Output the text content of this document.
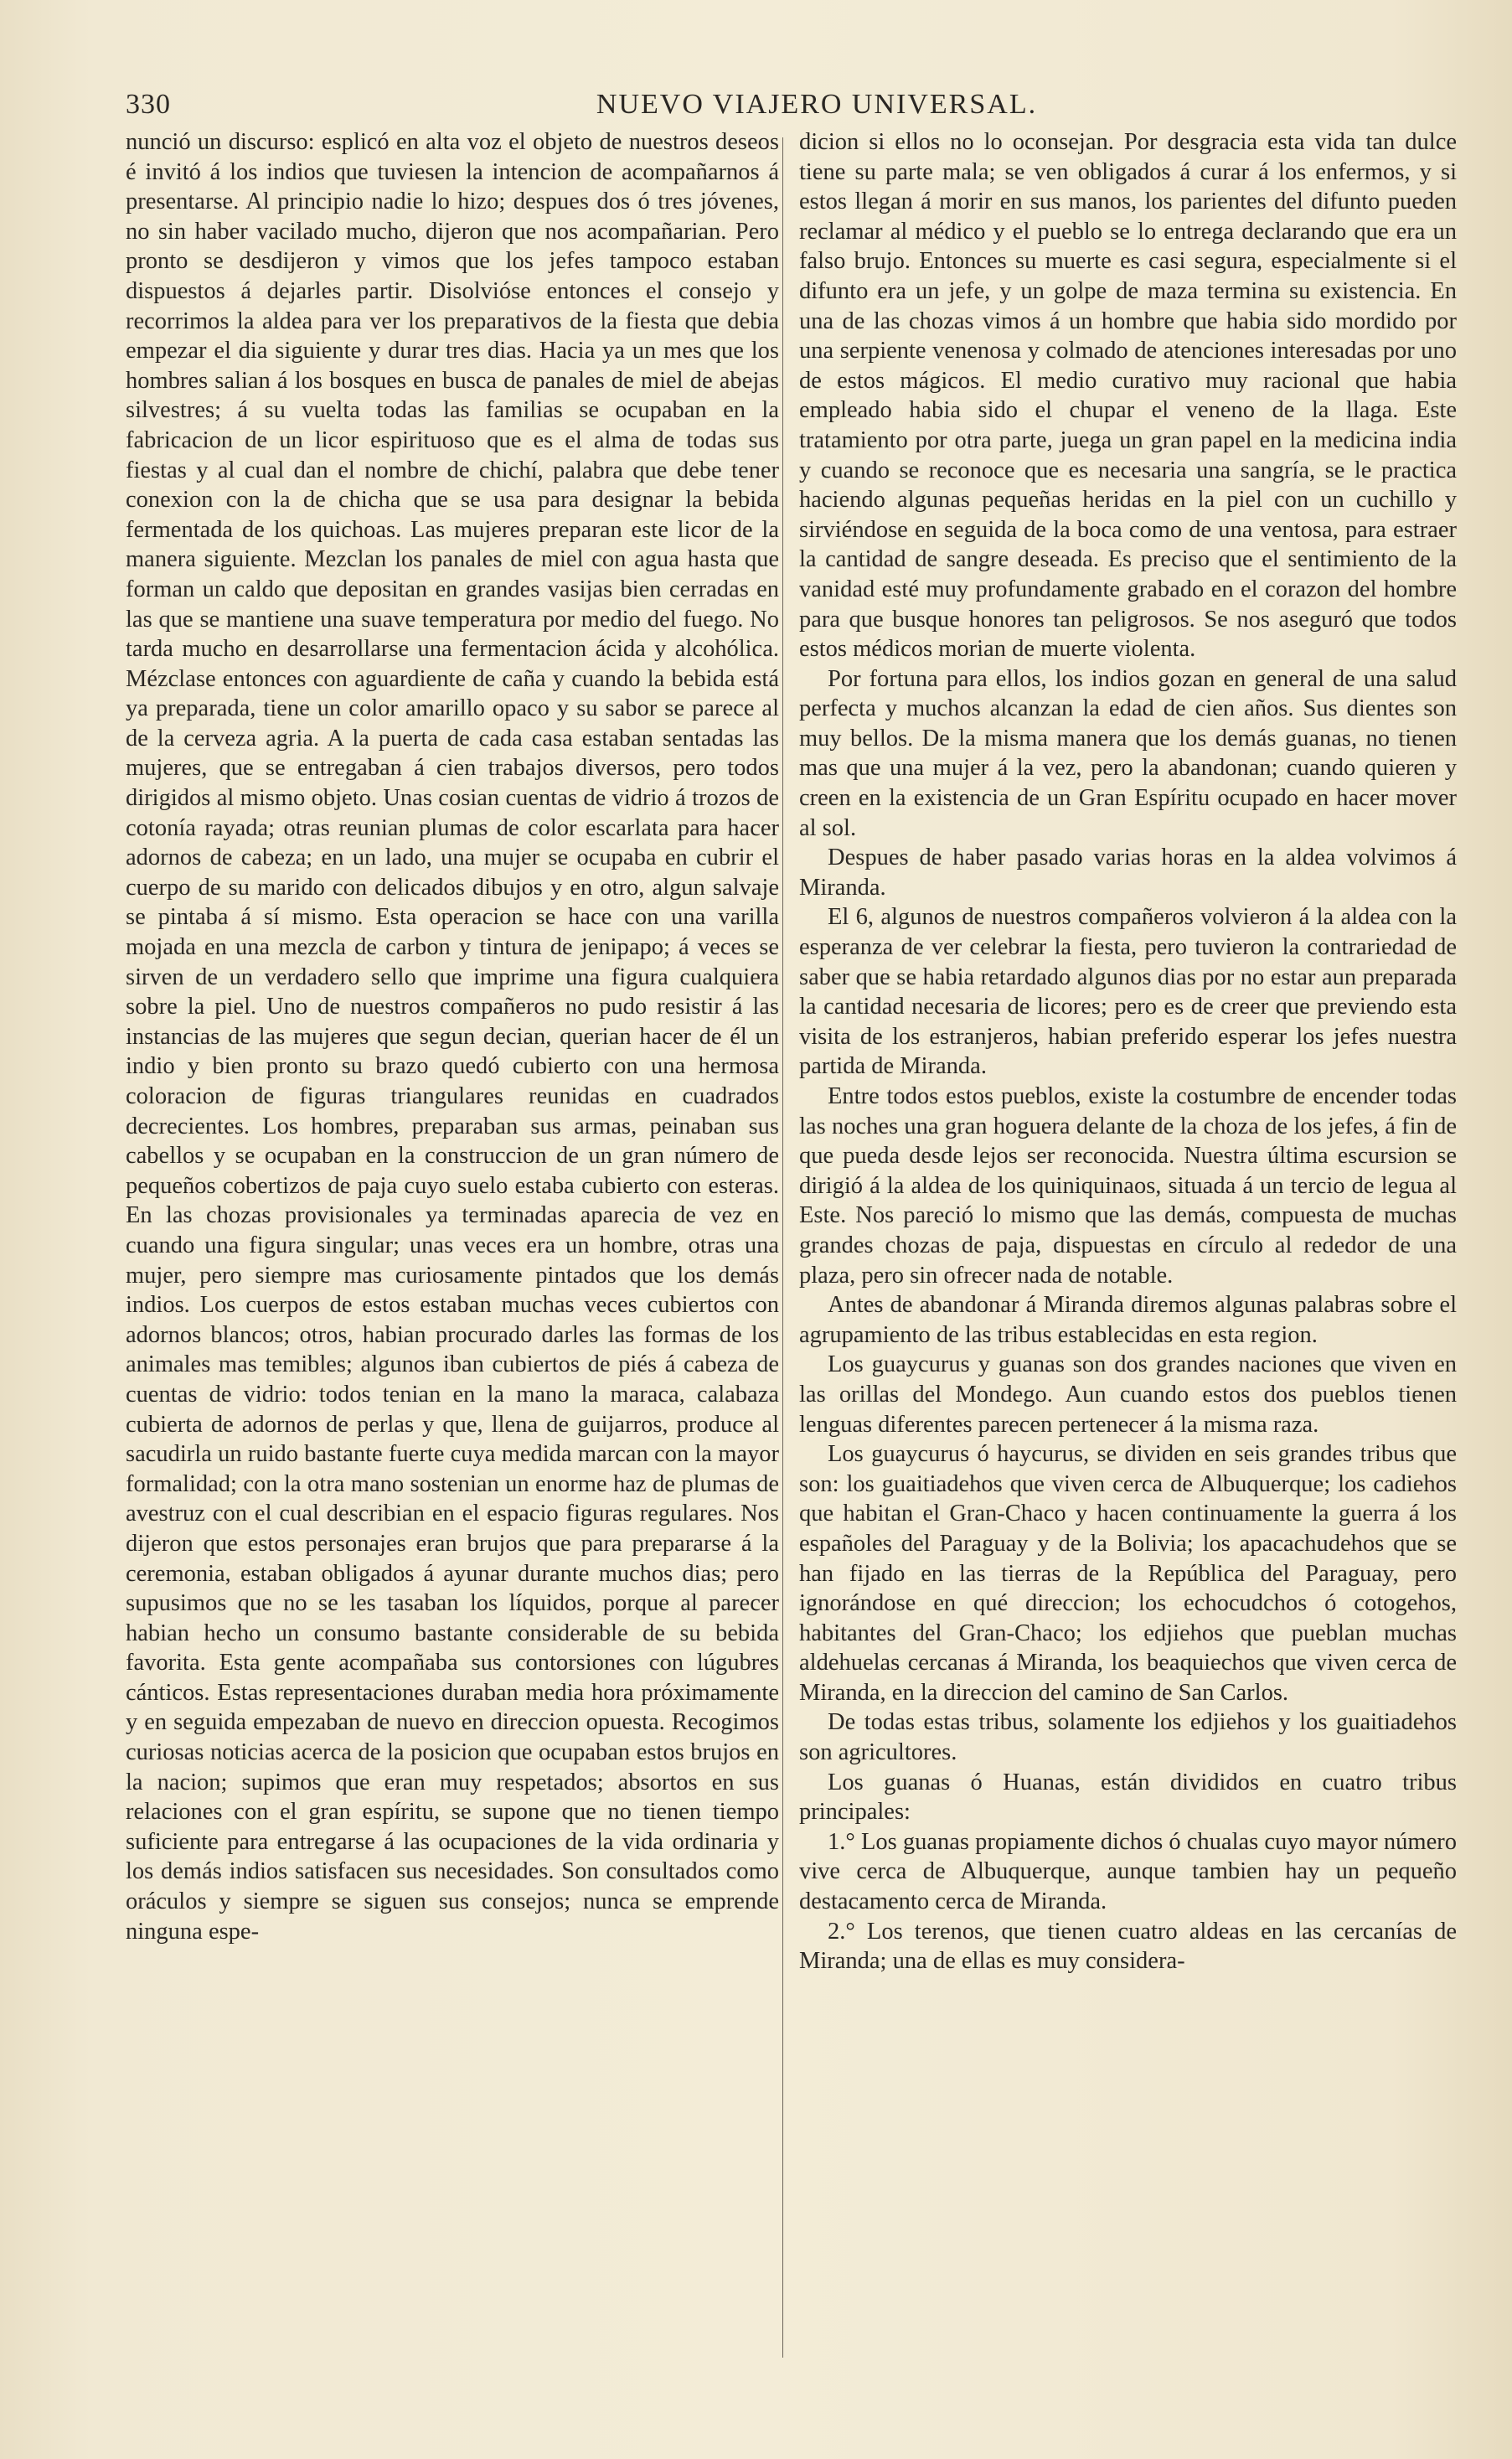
330	NUEVO VIAJERO UNIVERSAL.

nunció un discurso: esplicó en alta voz el objeto de nuestros deseos é invitó á los indios que tuviesen la intencion de acompañarnos á presentarse. Al principio nadie lo hizo; despues dos ó tres jóvenes, no sin haber vacilado mucho, dijeron que nos acompañarian. Pero pronto se desdijeron y vimos que los jefes tampoco estaban dispuestos á dejarles partir. Disolvióse entonces el consejo y recorrimos la aldea para ver los preparativos de la fiesta que debia empezar el dia siguiente y durar tres dias. Hacia ya un mes que los hombres salian á los bosques en busca de panales de miel de abejas silvestres; á su vuelta todas las familias se ocupaban en la fabricacion de un licor espirituoso que es el alma de todas sus fiestas y al cual dan el nombre de chichí, palabra que debe tener conexion con la de chicha que se usa para designar la bebida fermentada de los quichoas. Las mujeres preparan este licor de la manera siguiente. Mezclan los panales de miel con agua hasta que forman un caldo que depositan en grandes vasijas bien cerradas en las que se mantiene una suave temperatura por medio del fuego. No tarda mucho en desarrollarse una fermentacion ácida y alcohólica. Mézclase entonces con aguardiente de caña y cuando la bebida está ya preparada, tiene un color amarillo opaco y su sabor se parece al de la cerveza agria. A la puerta de cada casa estaban sentadas las mujeres, que se entregaban á cien trabajos diversos, pero todos dirigidos al mismo objeto. Unas cosian cuentas de vidrio á trozos de cotonía rayada; otras reunian plumas de color escarlata para hacer adornos de cabeza; en un lado, una mujer se ocupaba en cubrir el cuerpo de su marido con delicados dibujos y en otro, algun salvaje se pintaba á sí mismo. Esta operacion se hace con una varilla mojada en una mezcla de carbon y tintura de jenipapo; á veces se sirven de un verdadero sello que imprime una figura cualquiera sobre la piel. Uno de nuestros compañeros no pudo resistir á las instancias de las mujeres que segun decian, querian hacer de él un indio y bien pronto su brazo quedó cubierto con una hermosa coloracion de figuras triangulares reunidas en cuadrados decrecientes. Los hombres, preparaban sus armas, peinaban sus cabellos y se ocupaban en la construccion de un gran número de pequeños cobertizos de paja cuyo suelo estaba cubierto con esteras. En las chozas provisionales ya terminadas aparecia de vez en cuando una figura singular; unas veces era un hombre, otras una mujer, pero siempre mas curiosamente pintados que los demás indios. Los cuerpos de estos estaban muchas veces cubiertos con adornos blancos; otros, habian procurado darles las formas de los animales mas temibles; algunos iban cubiertos de piés á cabeza de cuentas de vidrio: todos tenian en la mano la maraca, calabaza cubierta de adornos de perlas y que, llena de guijarros, produce al sacudirla un ruido bastante fuerte cuya medida marcan con la mayor formalidad; con la otra mano sostenian un enorme haz de plumas de avestruz con el cual describian en el espacio figuras regulares. Nos dijeron que estos personajes eran brujos que para prepararse á la ceremonia, estaban obligados á ayunar durante muchos dias; pero supusimos que no se les tasaban los líquidos, porque al parecer habian hecho un consumo bastante considerable de su bebida favorita. Esta gente acompañaba sus contorsiones con lúgubres cánticos. Estas representaciones duraban media hora próximamente y en seguida empezaban de nuevo en direccion opuesta. Recogimos curiosas noticias acerca de la posicion que ocupaban estos brujos en la nacion; supimos que eran muy respetados; absortos en sus relaciones con el gran espíritu, se supone que no tienen tiempo suficiente para entregarse á las ocupaciones de la vida ordinaria y los demás indios satisfacen sus necesidades. Son consultados como oráculos y siempre se siguen sus consejos; nunca se emprende ninguna espe-

dicion si ellos no lo oconsejan. Por desgracia esta vida tan dulce tiene su parte mala; se ven obligados á curar á los enfermos, y si estos llegan á morir en sus manos, los parientes del difunto pueden reclamar al médico y el pueblo se lo entrega declarando que era un falso brujo. Entonces su muerte es casi segura, especialmente si el difunto era un jefe, y un golpe de maza termina su existencia. En una de las chozas vimos á un hombre que habia sido mordido por una serpiente venenosa y colmado de atenciones interesadas por uno de estos mágicos. El medio curativo muy racional que habia empleado habia sido el chupar el veneno de la llaga. Este tratamiento por otra parte, juega un gran papel en la medicina india y cuando se reconoce que es necesaria una sangría, se le practica haciendo algunas pequeñas heridas en la piel con un cuchillo y sirviéndose en seguida de la boca como de una ventosa, para estraer la cantidad de sangre deseada. Es preciso que el sentimiento de la vanidad esté muy profundamente grabado en el corazon del hombre para que busque honores tan peligrosos. Se nos aseguró que todos estos médicos morian de muerte violenta.

Por fortuna para ellos, los indios gozan en general de una salud perfecta y muchos alcanzan la edad de cien años. Sus dientes son muy bellos. De la misma manera que los demás guanas, no tienen mas que una mujer á la vez, pero la abandonan; cuando quieren y creen en la existencia de un Gran Espíritu ocupado en hacer mover al sol.

Despues de haber pasado varias horas en la aldea volvimos á Miranda.

El 6, algunos de nuestros compañeros volvieron á la aldea con la esperanza de ver celebrar la fiesta, pero tuvieron la contrariedad de saber que se habia retardado algunos dias por no estar aun preparada la cantidad necesaria de licores; pero es de creer que previendo esta visita de los estranjeros, habian preferido esperar los jefes nuestra partida de Miranda.

Entre todos estos pueblos, existe la costumbre de encender todas las noches una gran hoguera delante de la choza de los jefes, á fin de que pueda desde lejos ser reconocida. Nuestra última escursion se dirigió á la aldea de los quiniquinaos, situada á un tercio de legua al Este. Nos pareció lo mismo que las demás, compuesta de muchas grandes chozas de paja, dispuestas en círculo al rededor de una plaza, pero sin ofrecer nada de notable.

Antes de abandonar á Miranda diremos algunas palabras sobre el agrupamiento de las tribus establecidas en esta region.

Los guaycurus y guanas son dos grandes naciones que viven en las orillas del Mondego. Aun cuando estos dos pueblos tienen lenguas diferentes parecen pertenecer á la misma raza.

Los guaycurus ó haycurus, se dividen en seis grandes tribus que son: los guaitiadehos que viven cerca de Albuquerque; los cadiehos que habitan el Gran-Chaco y hacen continuamente la guerra á los españoles del Paraguay y de la Bolivia; los apacachudehos que se han fijado en las tierras de la República del Paraguay, pero ignorándose en qué direccion; los echocudchos ó cotogehos, habitantes del Gran-Chaco; los edjiehos que pueblan muchas aldehuelas cercanas á Miranda, los beaquiechos que viven cerca de Miranda, en la direccion del camino de San Carlos.

De todas estas tribus, solamente los edjiehos y los guaitiadehos son agricultores.

Los guanas ó Huanas, están divididos en cuatro tribus principales:

1.° Los guanas propiamente dichos ó chualas cuyo mayor número vive cerca de Albuquerque, aunque tambien hay un pequeño destacamento cerca de Miranda.

2.° Los terenos, que tienen cuatro aldeas en las cercanías de Miranda; una de ellas es muy considera-
